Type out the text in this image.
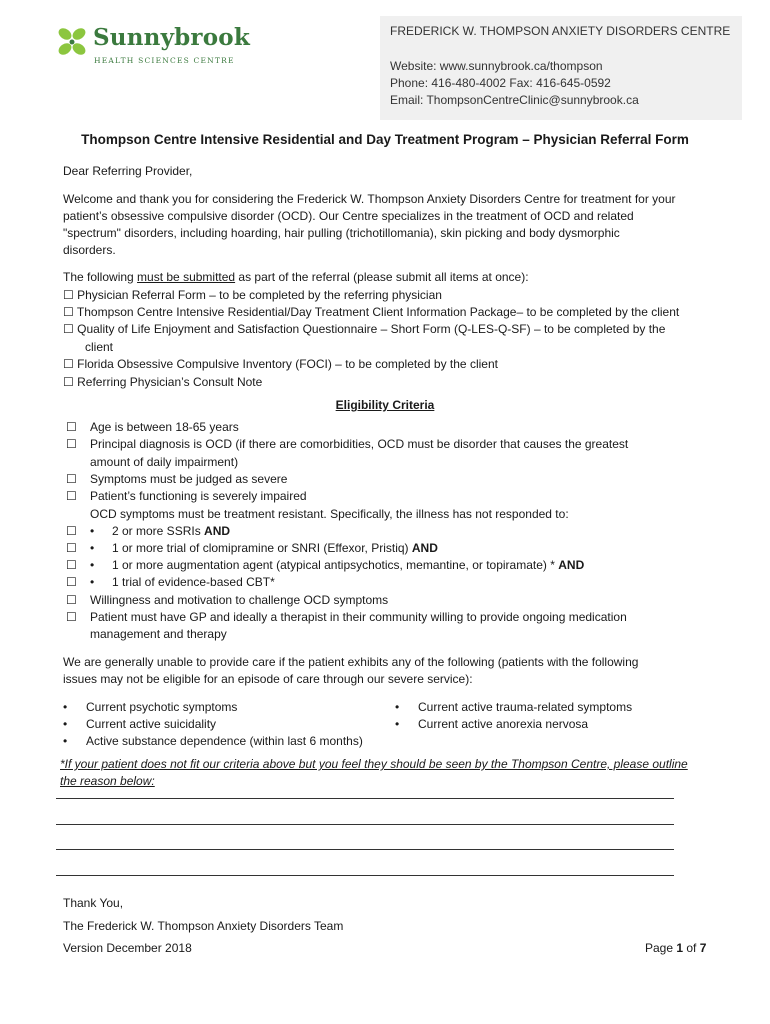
Sunnybrook
HEALTH SCIENCES CENTRE
FREDERICK W. THOMPSON ANXIETY DISORDERS CENTRE
Website: www.sunnybrook.ca/thompson
Phone: 416-480-4002 Fax: 416-645-0592
Email: ThompsonCentreClinic@sunnybrook.ca
Thompson Centre Intensive Residential and Day Treatment Program – Physician Referral Form
Dear Referring Provider,
Welcome and thank you for considering the Frederick W. Thompson Anxiety Disorders Centre for treatment for your
patient’s obsessive compulsive disorder (OCD). Our Centre specializes in the treatment of OCD and related
"spectrum" disorders, including hoarding, hair pulling (trichotillomania), skin picking and body dysmorphic
disorders.
The following must be submitted as part of the referral (please submit all items at once):
☐ Physician Referral Form – to be completed by the referring physician
☐ Thompson Centre Intensive Residential/Day Treatment Client Information Package– to be completed by the client
☐ Quality of Life Enjoyment and Satisfaction Questionnaire – Short Form (Q-LES-Q-SF) – to be completed by the
client
☐ Florida Obsessive Compulsive Inventory (FOCI) – to be completed by the client
☐ Referring Physician’s Consult Note
Eligibility Criteria
☐ Age is between 18-65 years
☐ Principal diagnosis is OCD (if there are comorbidities, OCD must be disorder that causes the greatest
amount of daily impairment)
☐ Symptoms must be judged as severe
☐ Patient’s functioning is severely impaired
OCD symptoms must be treatment resistant. Specifically, the illness has not responded to:
☐ • 2 or more SSRIs AND
☐ • 1 or more trial of clomipramine or SNRI (Effexor, Pristiq) AND
☐ • 1 or more augmentation agent (atypical antipsychotics, memantine, or topiramate) * AND
☐ • 1 trial of evidence-based CBT*
☐ Willingness and motivation to challenge OCD symptoms
☐ Patient must have GP and ideally a therapist in their community willing to provide ongoing medication
management and therapy
We are generally unable to provide care if the patient exhibits any of the following (patients with the following
issues may not be eligible for an episode of care through our severe service):
• Current psychotic symptoms
• Current active suicidality
• Active substance dependence (within last 6 months)
• Current active trauma-related symptoms
• Current active anorexia nervosa
*If your patient does not fit our criteria above but you feel they should be seen by the Thompson Centre, please outline
the reason below:
Thank You,
The Frederick W. Thompson Anxiety Disorders Team
Version December 2018	Page 1 of 7
